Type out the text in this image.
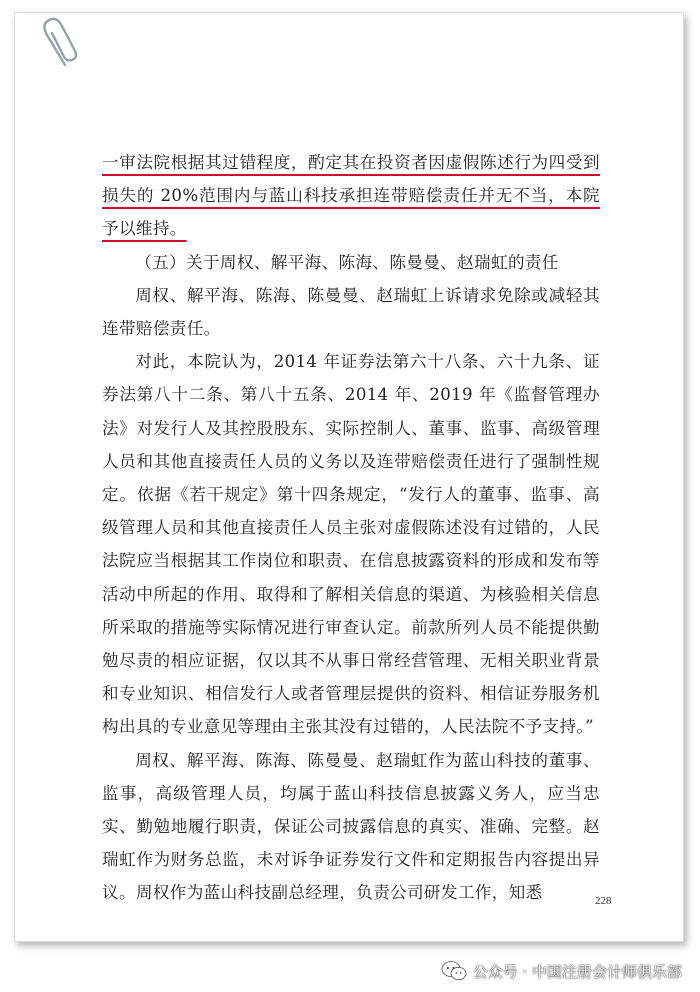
228

一审法院根据其过错程度，酌定其在投资者因虚假陈述行为四受到损失的 20%范围内与蓝山科技承担连带赔偿责任并无不当，本院予以维持。

（五）关于周权、解平海、陈海、陈曼曼、赵瑞虹的责任

周权、解平海、陈海、陈曼曼、赵瑞虹上诉请求免除或减轻其连带赔偿责任。

对此，本院认为，2014 年证券法第六十八条、六十九条、证券法第八十二条、第八十五条、2014 年、2019 年《监督管理办法》对发行人及其控股股东、实际控制人、董事、监事、高级管理人员和其他直接责任人员的义务以及连带赔偿责任进行了强制性规定。依据《若干规定》第十四条规定，“发行人的董事、监事、高级管理人员和其他直接责任人员主张对虚假陈述没有过错的，人民法院应当根据其工作岗位和职责、在信息披露资料的形成和发布等活动中所起的作用、取得和了解相关信息的渠道、为核验相关信息所采取的措施等实际情况进行审查认定。前款所列人员不能提供勤勉尽责的相应证据，仅以其不从事日常经营管理、无相关职业背景和专业知识、相信发行人或者管理层提供的资料、相信证券服务机构出具的专业意见等理由主张其没有过错的，人民法院不予支持。”

周权、解平海、陈海、陈曼曼、赵瑞虹作为蓝山科技的董事、监事，高级管理人员，均属于蓝山科技信息披露义务人，应当忠实、勤勉地履行职责，保证公司披露信息的真实、准确、完整。赵瑞虹作为财务总监，未对诉争证券发行文件和定期报告内容提出异议。周权作为蓝山科技副总经理，负责公司研发工作，知悉

公众号 · 中国注册会计师俱乐部
